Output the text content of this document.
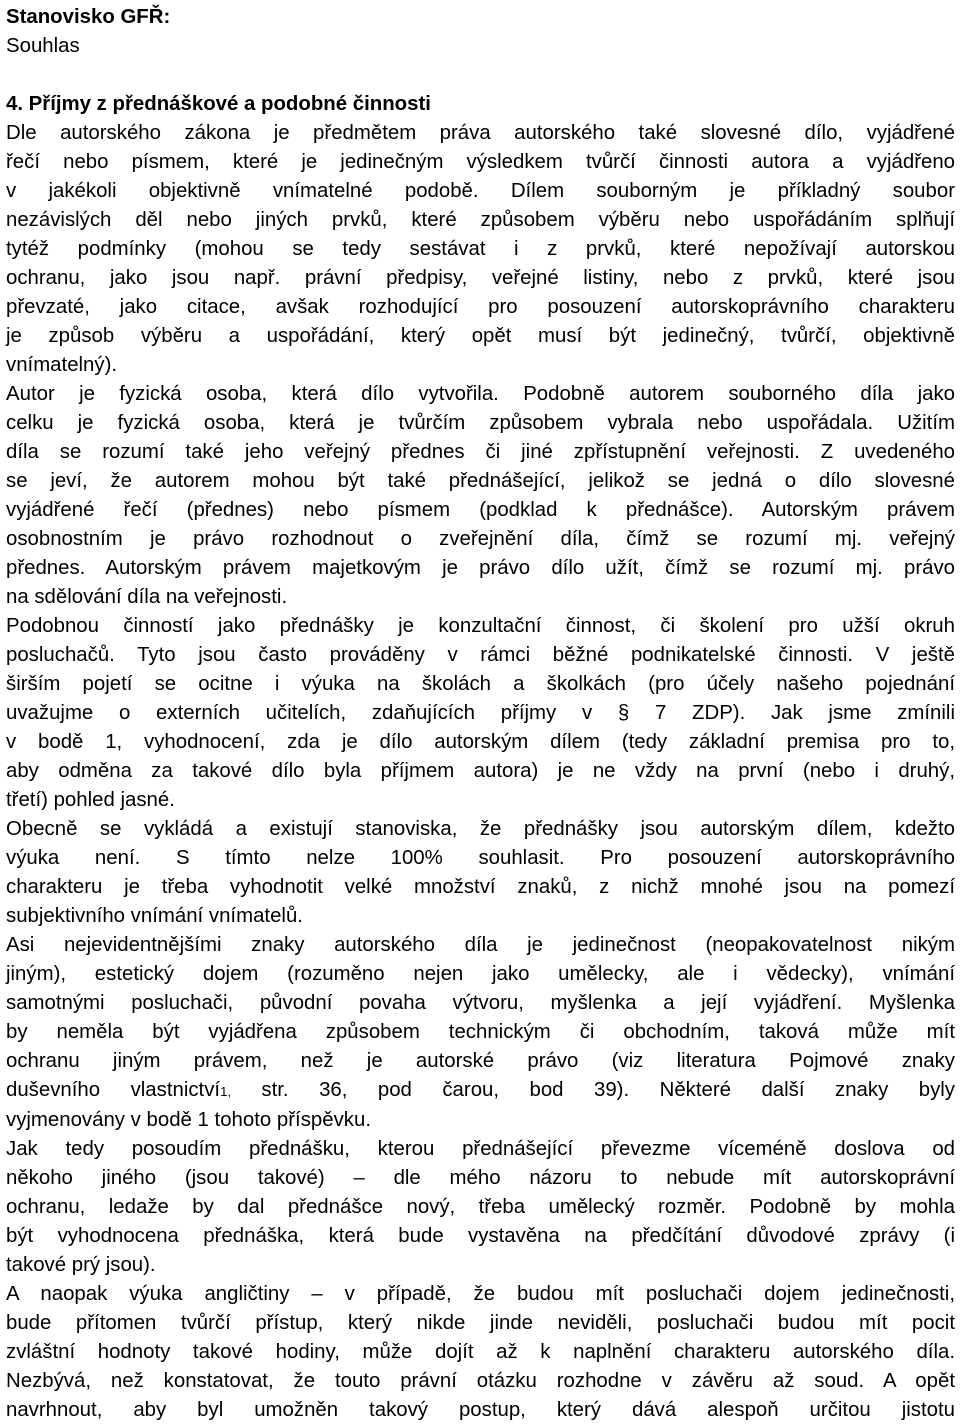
Stanovisko GFŘ:
Souhlas
4. Příjmy z přednáškové a podobné činnosti
Dle autorského zákona je předmětem práva autorského také slovesné dílo, vyjádřené
řečí nebo písmem, které je jedinečným výsledkem tvůrčí činnosti autora a vyjádřeno
v jakékoli objektivně vnímatelné podobě. Dílem souborným je příkladný soubor
nezávislých děl nebo jiných prvků, které způsobem výběru nebo uspořádáním splňují
tytéž podmínky (mohou se tedy sestávat i z prvků, které nepožívají autorskou
ochranu, jako jsou např. právní předpisy, veřejné listiny, nebo z prvků, které jsou
převzaté, jako citace, avšak rozhodující pro posouzení autorskoprávního charakteru
je způsob výběru a uspořádání, který opět musí být jedinečný, tvůrčí, objektivně
vnímatelný).
Autor je fyzická osoba, která dílo vytvořila. Podobně autorem souborného díla jako
celku je fyzická osoba, která je tvůrčím způsobem vybrala nebo uspořádala. Užitím
díla se rozumí také jeho veřejný přednes či jiné zpřístupnění veřejnosti. Z uvedeného
se jeví, že autorem mohou být také přednášející, jelikož se jedná o dílo slovesné
vyjádřené řečí (přednes) nebo písmem (podklad k přednášce). Autorským právem
osobnostním je právo rozhodnout o zveřejnění díla, čímž se rozumí mj. veřejný
přednes. Autorským právem majetkovým je právo dílo užít, čímž se rozumí mj. právo
na sdělování díla na veřejnosti.
Podobnou činností jako přednášky je konzultační činnost, či školení pro užší okruh
posluchačů. Tyto jsou často prováděny v rámci běžné podnikatelské činnosti. V ještě
širším pojetí se ocitne i výuka na školách a školkách (pro účely našeho pojednání
uvažujme o externích učitelích, zdaňujících příjmy v § 7 ZDP). Jak jsme zmínili
v bodě 1, vyhodnocení, zda je dílo autorským dílem (tedy základní premisa pro to,
aby odměna za takové dílo byla příjmem autora) je ne vždy na první (nebo i druhý,
třetí) pohled jasné.
Obecně se vykládá a existují stanoviska, že přednášky jsou autorským dílem, kdežto
výuka není. S tímto nelze 100% souhlasit. Pro posouzení autorskoprávního
charakteru je třeba vyhodnotit velké množství znaků, z nichž mnohé jsou na pomezí
subjektivního vnímání vnímatelů.
Asi nejevidentnějšími znaky autorského díla je jedinečnost (neopakovatelnost nikým
jiným), estetický dojem (rozuměno nejen jako umělecky, ale i vědecky), vnímání
samotnými posluchači, původní povaha výtvoru, myšlenka a její vyjádření. Myšlenka
by neměla být vyjádřena způsobem technickým či obchodním, taková může mít
ochranu jiným právem, než je autorské právo (viz literatura Pojmové znaky
duševního vlastnictví1, str. 36, pod čarou, bod 39). Některé další znaky byly
vyjmenovány v bodě 1 tohoto příspěvku.
Jak tedy posoudím přednášku, kterou přednášející převezme víceméně doslova od
někoho jiného (jsou takové) – dle mého názoru to nebude mít autorskoprávní
ochranu, ledaže by dal přednášce nový, třeba umělecký rozměr. Podobně by mohla
být vyhodnocena přednáška, která bude vystavěna na předčítání důvodové zprávy (i
takové prý jsou).
A naopak výuka angličtiny – v případě, že budou mít posluchači dojem jedinečnosti,
bude přítomen tvůrčí přístup, který nikde jinde neviděli, posluchači budou mít pocit
zvláštní hodnoty takové hodiny, může dojít až k naplnění charakteru autorského díla.
Nezbývá, než konstatovat, že touto právní otázku rozhodne v závěru až soud. A opět
navrhnout, aby byl umožněn takový postup, který dává alespoň určitou jistotu
